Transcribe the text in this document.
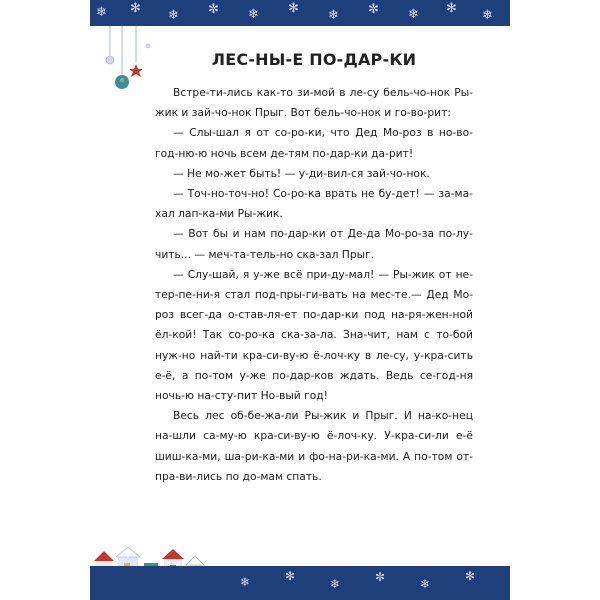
❄ ✻ ❄ ✼ ❄ ✻ ❄ ✼ ❄ ✻ ❄
ЛЕС-НЫ-Е ПО-ДАР-КИ

Встре-ти-лись как-то зи-мой в ле-су бель-чо-нок Ры-жик и зай-чо-нок Прыг. Вот бель-чо-нок и го-во-рит:

— Слы-шал я от со-ро-ки, что Дед Мо-роз в но-во-год-ню-ю ночь всем де-тям по-дар-ки да-рит!

— Не мо-жет быть! — у-ди-вил-ся зай-чо-нок.

— Точ-но-точ-но! Со-ро-ка врать не бу-дет! — за-ма-хал лап-ка-ми Ры-жик.

— Вот бы и нам по-дар-ки от Де-да Мо-ро-за по-лу-чить... — меч-та-тель-но ска-зал Прыг.

— Слу-шай, я у-же всё при-ду-мал! — Ры-жик от не-тер-пе-ни-я стал под-пры-ги-вать на мес-те.— Дед Мо-роз всег-да о-став-ля-ет по-дар-ки под на-ря-жен-ной ёл-кой! Так со-ро-ка ска-за-ла. Зна-чит, нам с то-бой нуж-но най-ти кра-си-ву-ю ё-лоч-ку в ле-су, у-кра-сить е-ё, а по-том у-же по-дар-ков ждать. Ведь се-год-ня ночь-ю на-сту-пит Но-вый год!

Весь лес об-бе-жа-ли Ры-жик и Прыг. И на-ко-нец на-шли са-му-ю кра-си-ву-ю ё-лоч-ку. У-кра-си-ли е-ё шиш-ка-ми, ша-ри-ка-ми и фо-на-ри-ка-ми. А по-том от-пра-ви-лись по до-мам спать.

❄	✻
❄	✼	❄
✻
